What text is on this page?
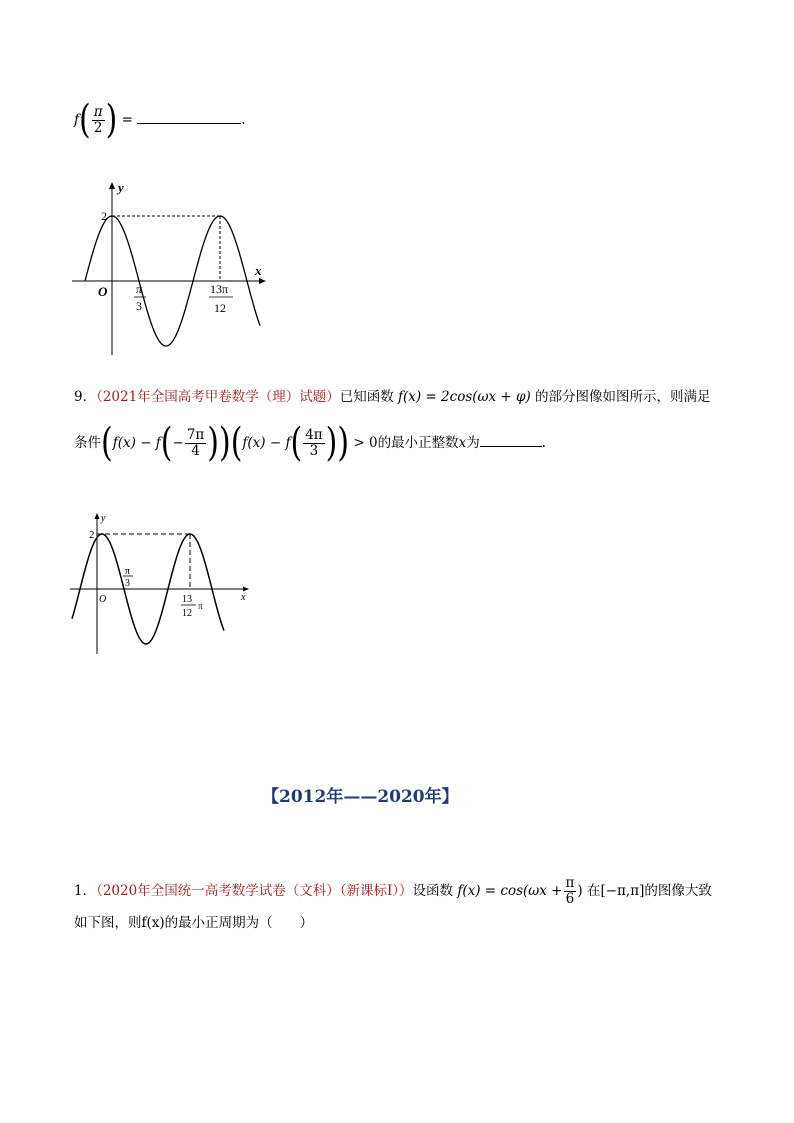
$f( \frac{\pi}{2}$ ) =	.
y
x
O
2
π
3
13π
12
9．（2021年全国高考甲卷数学（理）试题）已知函数 f(x) = 2cos(ωx + φ) 的部分图像如图所示，则满足
条件$(f(x) - f(- \frac{7\pi}{4} ))(f(x) - f( \frac{4\pi}{3}$ )) > 0的最小正整数x为	．
y
x
O
2
π
3
13
12
π
【2012年——2020年】
1．（2020年全国统一高考数学试卷（文科）（新课标Ⅰ））设函数 $f(x) = \cos(\omega x + \frac{\pi}{6}$ ) 在[−π,π]的图像大致
如下图，则f(x)的最小正周期为（　　）
